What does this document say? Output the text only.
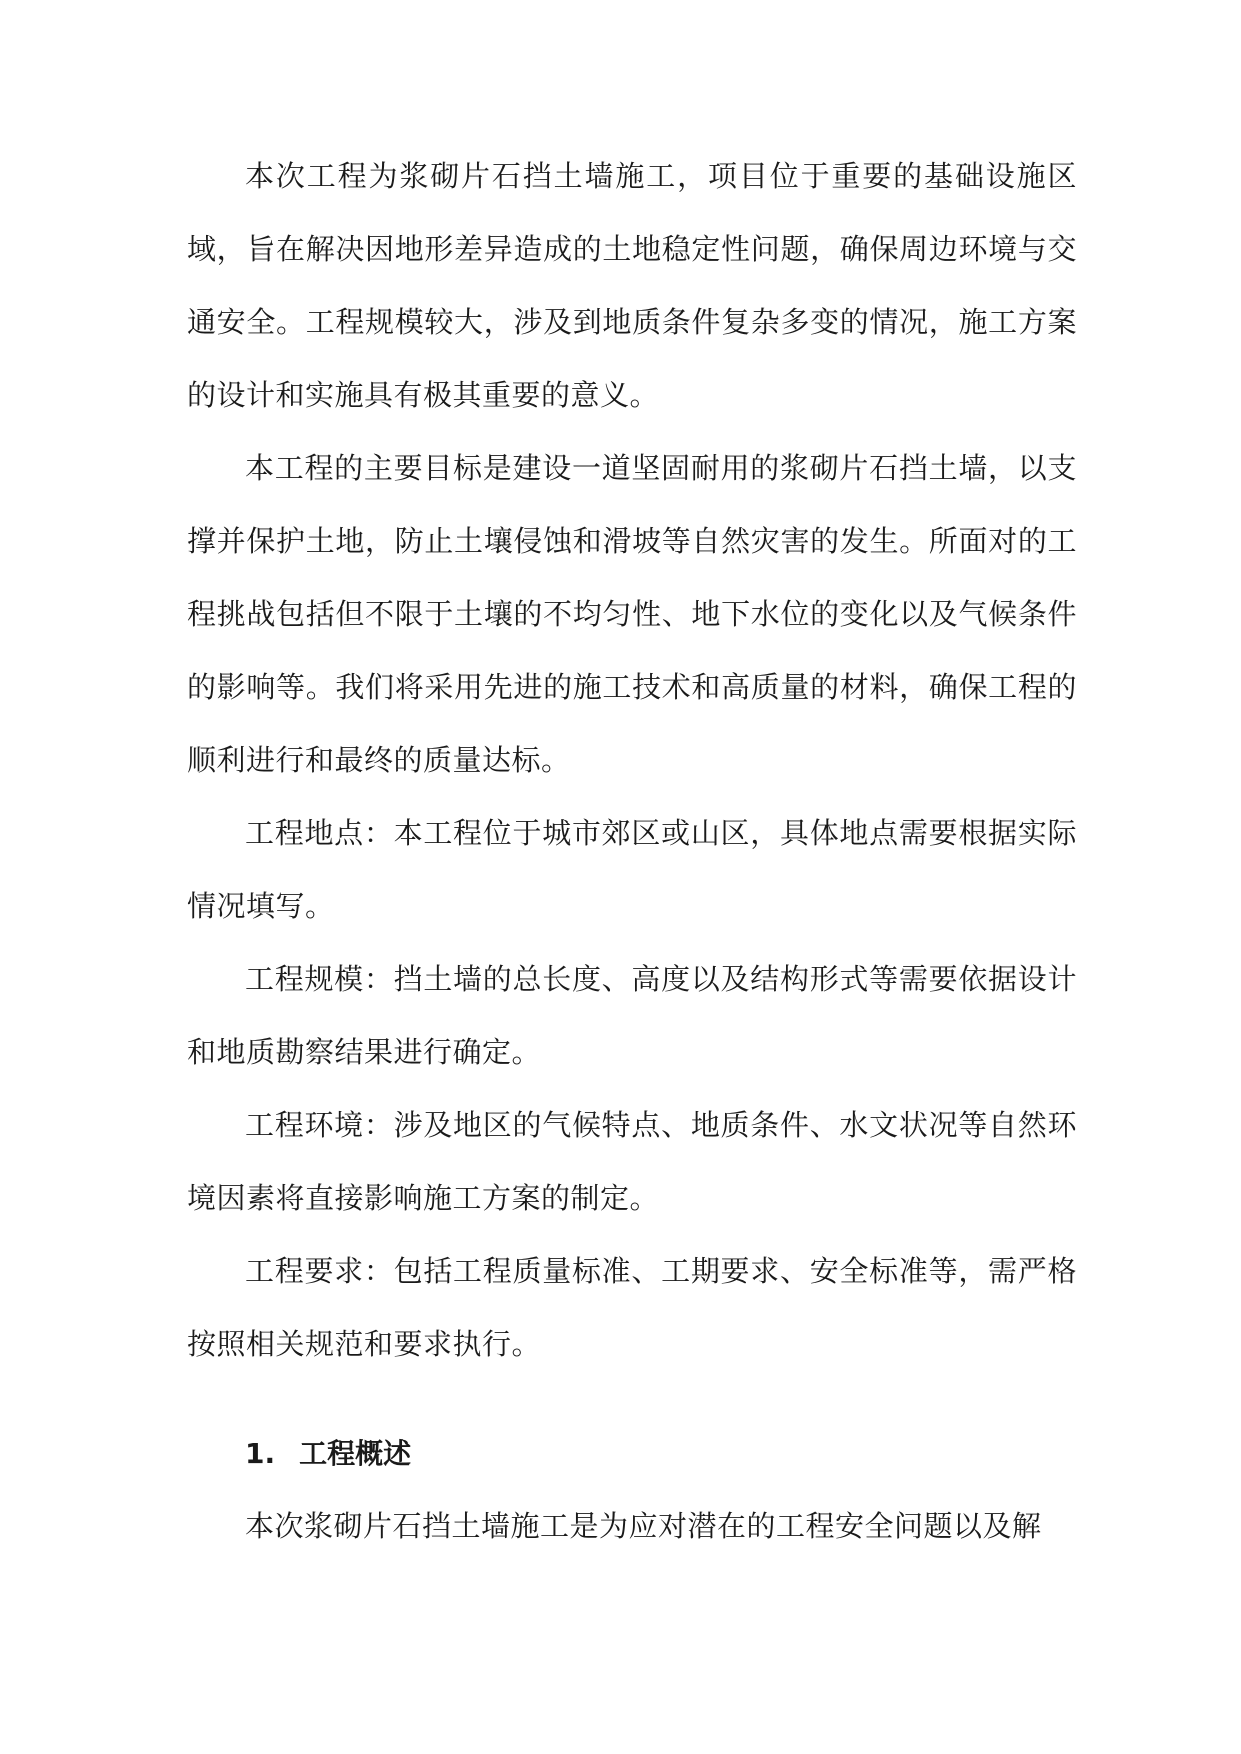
本次工程为浆砌片石挡土墙施工，项目位于重要的基础设施区域，旨在解决因地形差异造成的土地稳定性问题，确保周边环境与交通安全。工程规模较大，涉及到地质条件复杂多变的情况，施工方案的设计和实施具有极其重要的意义。

本工程的主要目标是建设一道坚固耐用的浆砌片石挡土墙，以支撑并保护土地，防止土壤侵蚀和滑坡等自然灾害的发生。所面对的工程挑战包括但不限于土壤的不均匀性、地下水位的变化以及气候条件的影响等。我们将采用先进的施工技术和高质量的材料，确保工程的顺利进行和最终的质量达标。

工程地点：本工程位于城市郊区或山区，具体地点需要根据实际情况填写。

工程规模：挡土墙的总长度、高度以及结构形式等需要依据设计和地质勘察结果进行确定。

工程环境：涉及地区的气候特点、地质条件、水文状况等自然环境因素将直接影响施工方案的制定。

工程要求：包括工程质量标准、工期要求、安全标准等，需严格按照相关规范和要求执行。

1. 工程概述

本次浆砌片石挡土墙施工是为应对潜在的工程安全问题以及解
